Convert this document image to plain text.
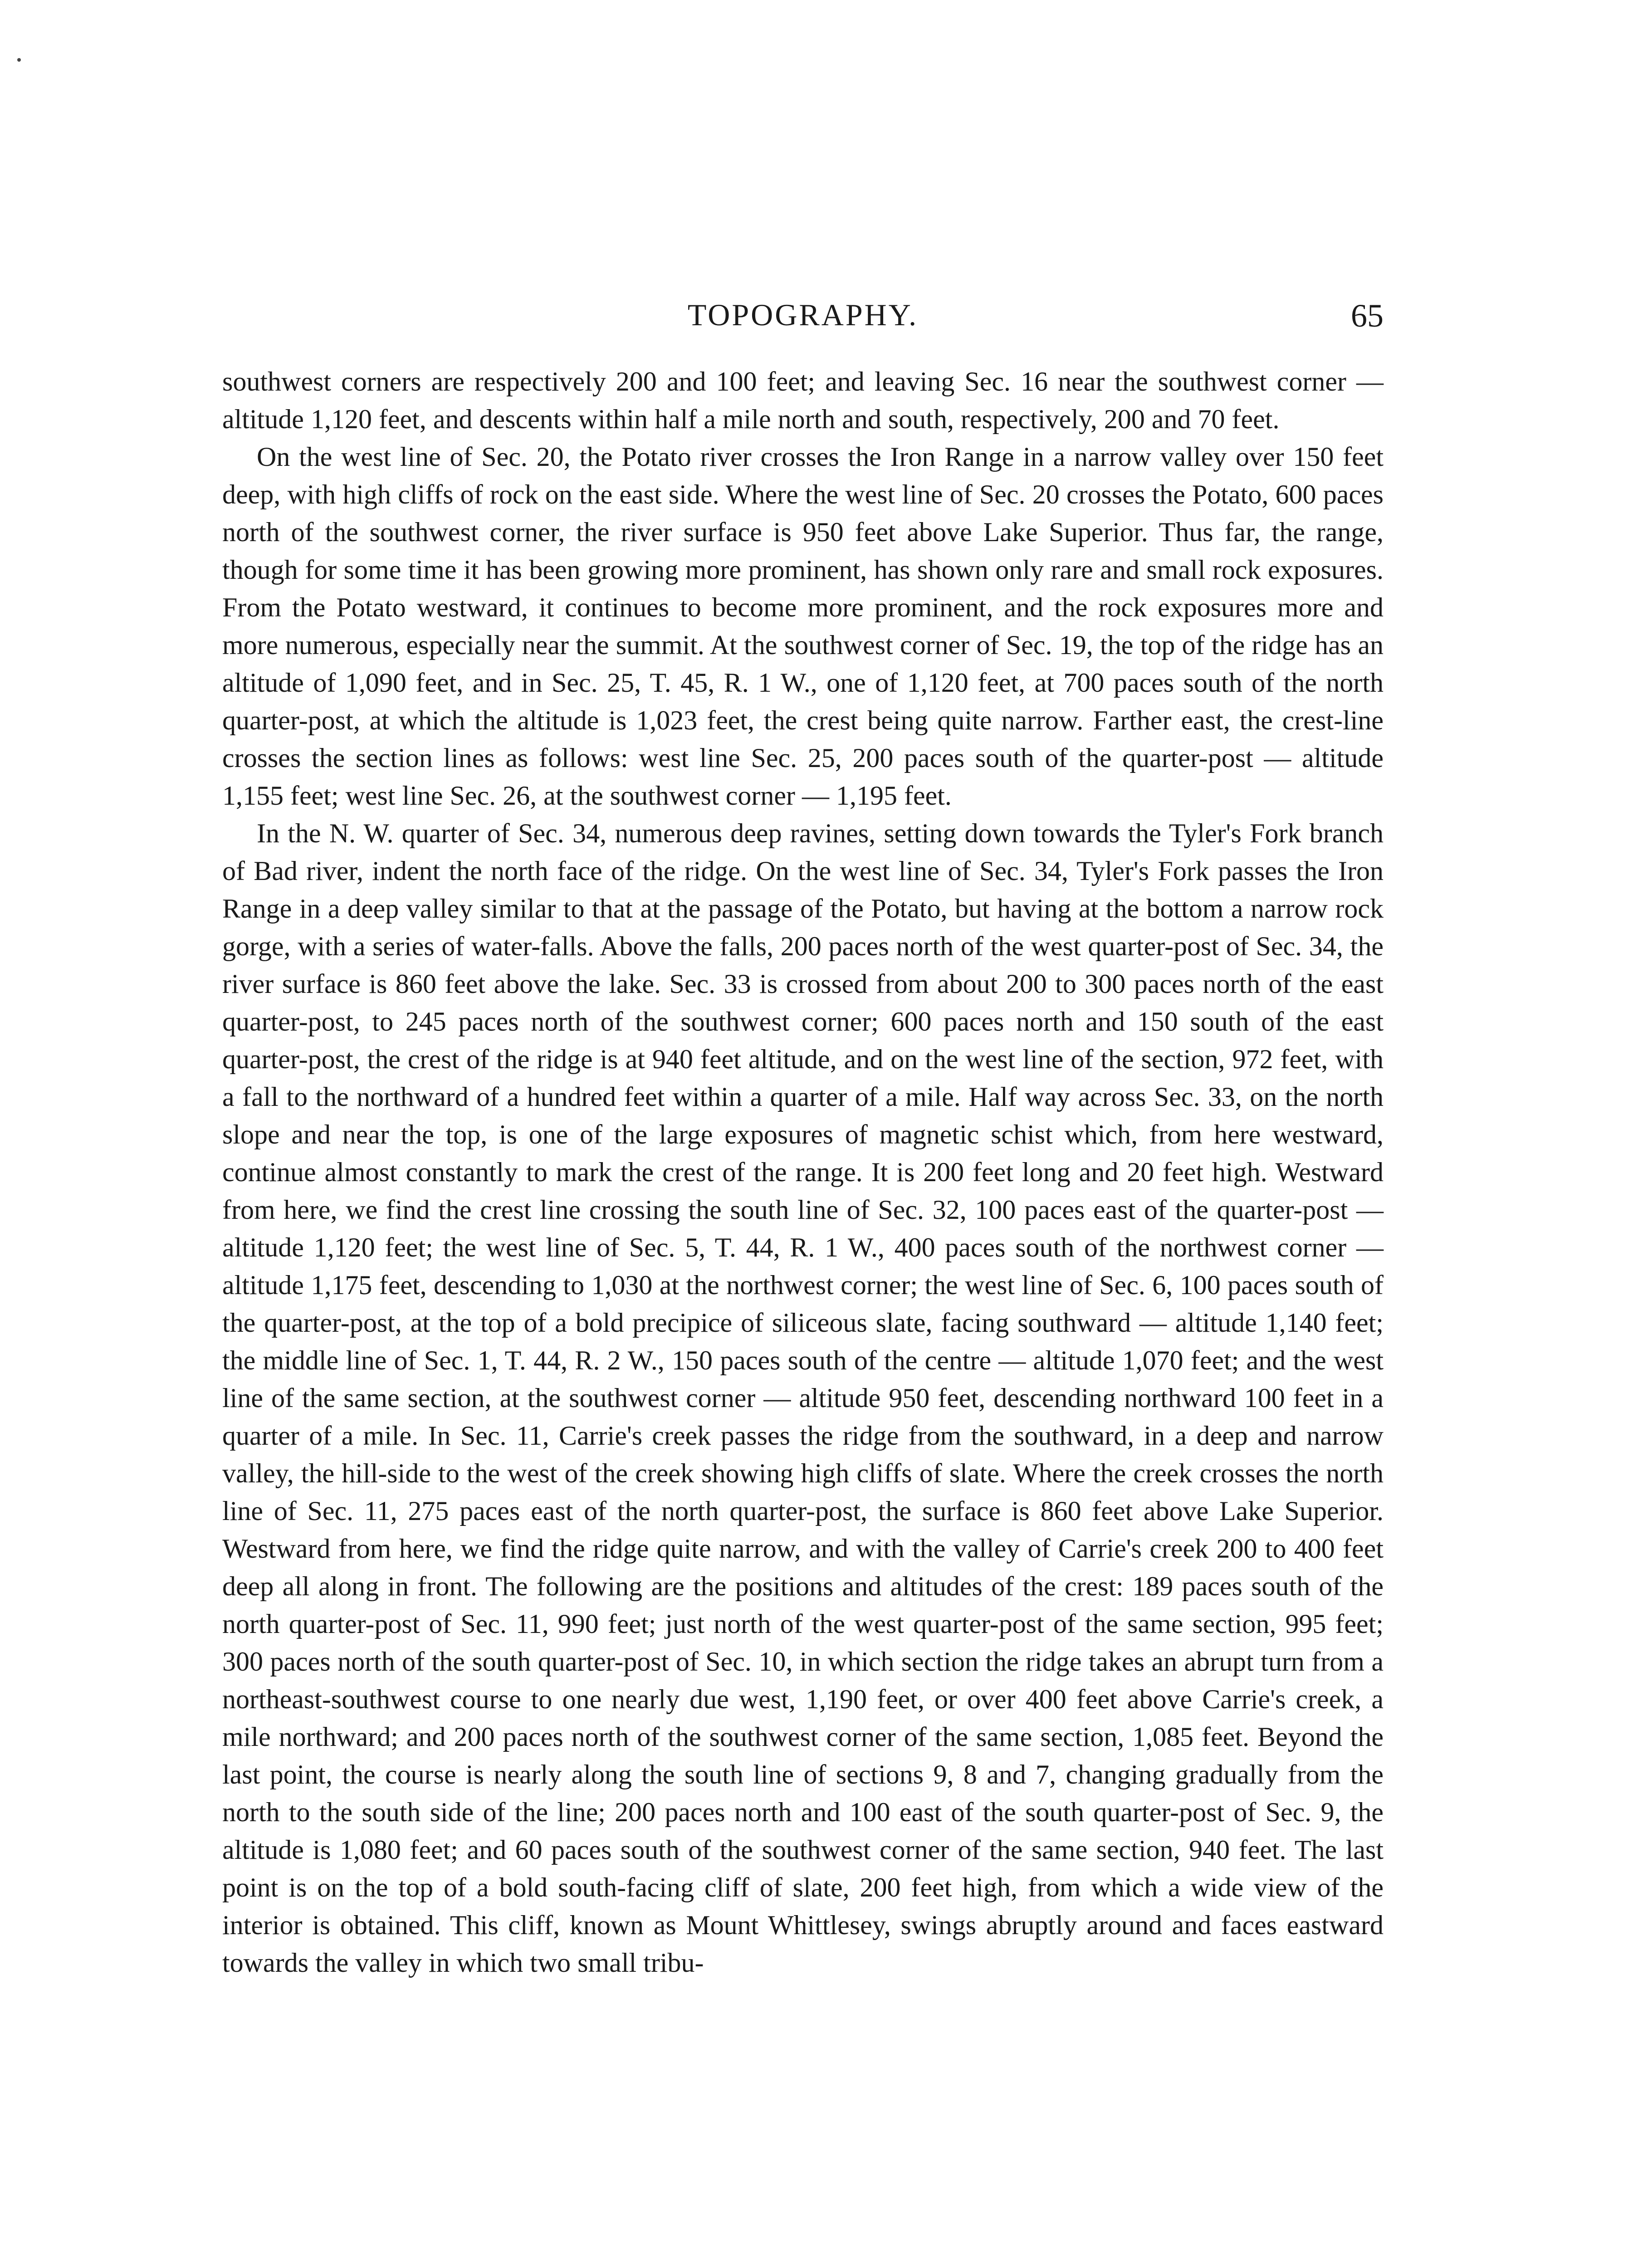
TOPOGRAPHY.	65

southwest corners are respectively 200 and 100 feet; and leaving Sec. 16 near the southwest corner — altitude 1,120 feet, and descents within half a mile north and south, respectively, 200 and 70 feet.

On the west line of Sec. 20, the Potato river crosses the Iron Range in a narrow valley over 150 feet deep, with high cliffs of rock on the east side. Where the west line of Sec. 20 crosses the Potato, 600 paces north of the southwest corner, the river surface is 950 feet above Lake Superior. Thus far, the range, though for some time it has been growing more prominent, has shown only rare and small rock exposures. From the Potato westward, it continues to become more prominent, and the rock exposures more and more numerous, especially near the summit. At the southwest corner of Sec. 19, the top of the ridge has an altitude of 1,090 feet, and in Sec. 25, T. 45, R. 1 W., one of 1,120 feet, at 700 paces south of the north quarter-post, at which the altitude is 1,023 feet, the crest being quite narrow. Farther east, the crest-line crosses the section lines as follows: west line Sec. 25, 200 paces south of the quarter-post — altitude 1,155 feet; west line Sec. 26, at the southwest corner — 1,195 feet.

In the N. W. quarter of Sec. 34, numerous deep ravines, setting down towards the Tyler's Fork branch of Bad river, indent the north face of the ridge. On the west line of Sec. 34, Tyler's Fork passes the Iron Range in a deep valley similar to that at the passage of the Potato, but having at the bottom a narrow rock gorge, with a series of water-falls. Above the falls, 200 paces north of the west quarter-post of Sec. 34, the river surface is 860 feet above the lake. Sec. 33 is crossed from about 200 to 300 paces north of the east quarter-post, to 245 paces north of the southwest corner; 600 paces north and 150 south of the east quarter-post, the crest of the ridge is at 940 feet altitude, and on the west line of the section, 972 feet, with a fall to the northward of a hundred feet within a quarter of a mile. Half way across Sec. 33, on the north slope and near the top, is one of the large exposures of magnetic schist which, from here westward, continue almost constantly to mark the crest of the range. It is 200 feet long and 20 feet high. Westward from here, we find the crest line crossing the south line of Sec. 32, 100 paces east of the quarter-post — altitude 1,120 feet; the west line of Sec. 5, T. 44, R. 1 W., 400 paces south of the northwest corner — altitude 1,175 feet, descending to 1,030 at the northwest corner; the west line of Sec. 6, 100 paces south of the quarter-post, at the top of a bold precipice of siliceous slate, facing southward — altitude 1,140 feet; the middle line of Sec. 1, T. 44, R. 2 W., 150 paces south of the centre — altitude 1,070 feet; and the west line of the same section, at the southwest corner — altitude 950 feet, descending northward 100 feet in a quarter of a mile. In Sec. 11, Carrie's creek passes the ridge from the southward, in a deep and narrow valley, the hill-side to the west of the creek showing high cliffs of slate. Where the creek crosses the north line of Sec. 11, 275 paces east of the north quarter-post, the surface is 860 feet above Lake Superior. Westward from here, we find the ridge quite narrow, and with the valley of Carrie's creek 200 to 400 feet deep all along in front. The following are the positions and altitudes of the crest: 189 paces south of the north quarter-post of Sec. 11, 990 feet; just north of the west quarter-post of the same section, 995 feet; 300 paces north of the south quarter-post of Sec. 10, in which section the ridge takes an abrupt turn from a northeast-southwest course to one nearly due west, 1,190 feet, or over 400 feet above Carrie's creek, a mile northward; and 200 paces north of the southwest corner of the same section, 1,085 feet. Beyond the last point, the course is nearly along the south line of sections 9, 8 and 7, changing gradually from the north to the south side of the line; 200 paces north and 100 east of the south quarter-post of Sec. 9, the altitude is 1,080 feet; and 60 paces south of the southwest corner of the same section, 940 feet. The last point is on the top of a bold south-facing cliff of slate, 200 feet high, from which a wide view of the interior is obtained. This cliff, known as Mount Whittlesey, swings abruptly around and faces eastward towards the valley in which two small tribu-
